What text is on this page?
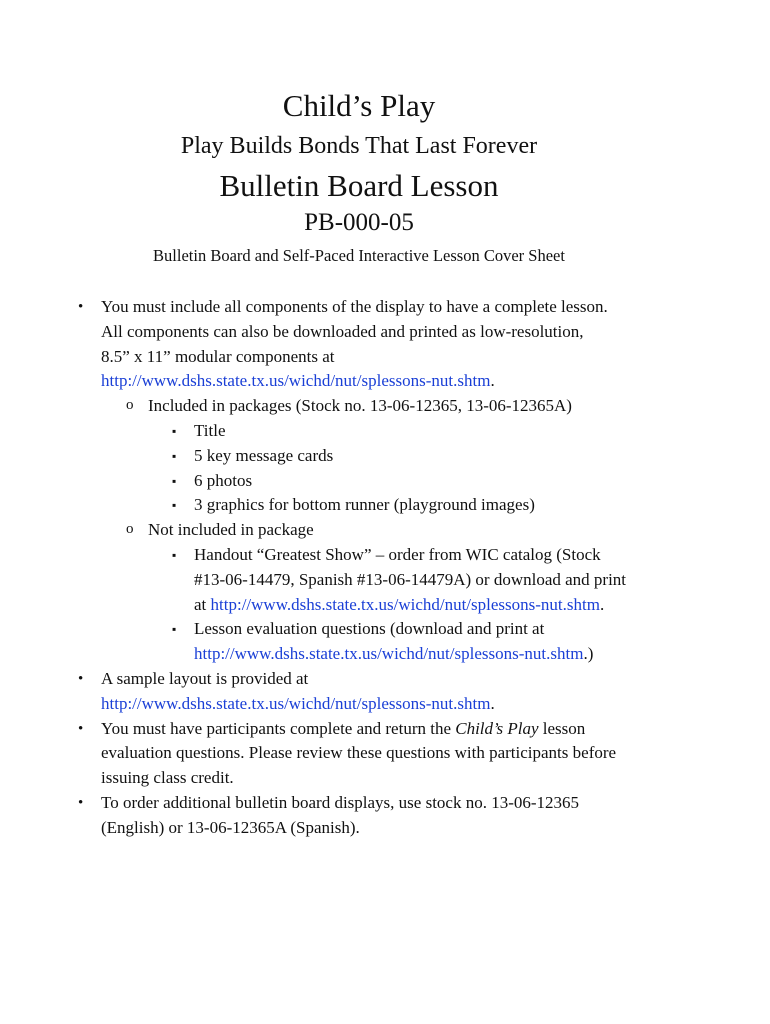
Child’s Play
Play Builds Bonds That Last Forever
Bulletin Board Lesson
PB-000-05
Bulletin Board and Self-Paced Interactive Lesson Cover Sheet
• You must include all components of the display to have a complete lesson.
All components can also be downloaded and printed as low-resolution,
8.5” x 11” modular components at
http://www.dshs.state.tx.us/wichd/nut/splessons-nut.shtm.
o Included in packages (Stock no. 13-06-12365, 13-06-12365A)
▪ Title
▪ 5 key message cards
▪ 6 photos
▪ 3 graphics for bottom runner (playground images)
o Not included in package
▪ Handout “Greatest Show” – order from WIC catalog (Stock
#13-06-14479, Spanish #13-06-14479A) or download and print
at http://www.dshs.state.tx.us/wichd/nut/splessons-nut.shtm.
▪ Lesson evaluation questions (download and print at
http://www.dshs.state.tx.us/wichd/nut/splessons-nut.shtm.)
• A sample layout is provided at
http://www.dshs.state.tx.us/wichd/nut/splessons-nut.shtm.
• You must have participants complete and return the Child’s Play lesson
evaluation questions. Please review these questions with participants before
issuing class credit.
• To order additional bulletin board displays, use stock no. 13-06-12365
(English) or 13-06-12365A (Spanish).
